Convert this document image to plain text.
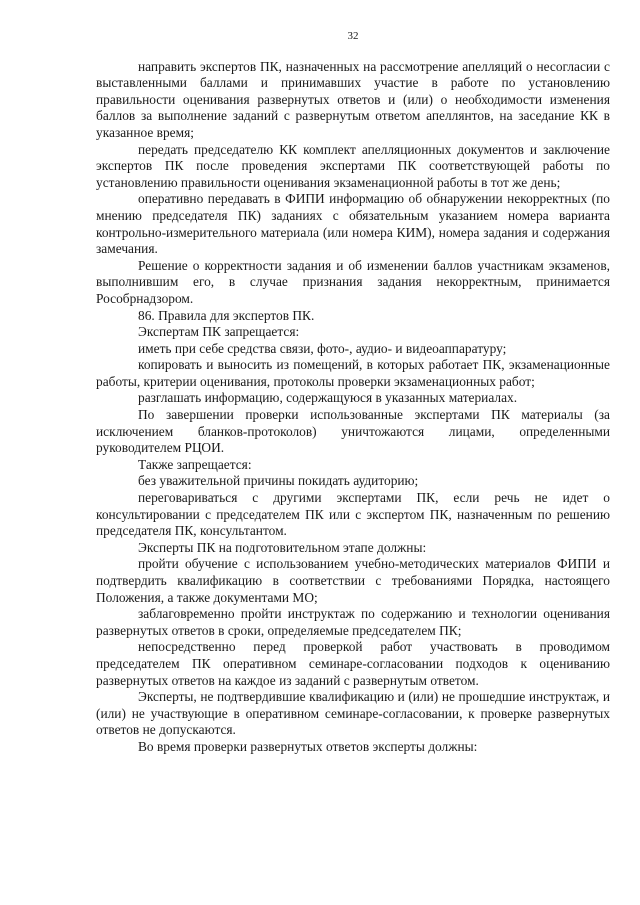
32

направить экспертов ПК, назначенных на рассмотрение апелляций о несогласии с выставленными баллами и принимавших участие в работе по установлению правильности оценивания развернутых ответов и (или) о необходимости изменения баллов за выполнение заданий с развернутым ответом апеллянтов, на заседание КК в указанное время;

передать председателю КК комплект апелляционных документов и заключение экспертов ПК после проведения экспертами ПК соответствующей работы по установлению правильности оценивания экзаменационной работы в тот же день;

оперативно передавать в ФИПИ информацию об обнаружении некорректных (по мнению председателя ПК) заданиях с обязательным указанием номера варианта контрольно-измерительного материала (или номера КИМ), номера задания и содержания замечания.

Решение о корректности задания и об изменении баллов участникам экзаменов, выполнившим его, в случае признания задания некорректным, принимается Рособрнадзором.

86. Правила для экспертов ПК.

Экспертам ПК запрещается:

иметь при себе средства связи, фото-, аудио- и видеоаппаратуру;

копировать и выносить из помещений, в которых работает ПК, экзаменационные работы, критерии оценивания, протоколы проверки экзаменационных работ;

разглашать информацию, содержащуюся в указанных материалах.

По завершении проверки использованные экспертами ПК материалы (за исключением бланков-протоколов) уничтожаются лицами, определенными руководителем РЦОИ.

Также запрещается:

без уважительной причины покидать аудиторию;

переговариваться с другими экспертами ПК, если речь не идет о консультировании с председателем ПК или с экспертом ПК, назначенным по решению председателя ПК, консультантом.

Эксперты ПК на подготовительном этапе должны:

пройти обучение с использованием учебно-методических материалов ФИПИ и подтвердить квалификацию в соответствии с требованиями Порядка, настоящего Положения, а также документами МО;

заблаговременно пройти инструктаж по содержанию и технологии оценивания развернутых ответов в сроки, определяемые председателем ПК;

непосредственно перед проверкой работ участвовать в проводимом председателем ПК оперативном семинаре-согласовании подходов к оцениванию развернутых ответов на каждое из заданий с развернутым ответом.

Эксперты, не подтвердившие квалификацию и (или) не прошедшие инструктаж, и (или) не участвующие в оперативном семинаре-согласовании, к проверке развернутых ответов не допускаются.

Во время проверки развернутых ответов эксперты должны:
